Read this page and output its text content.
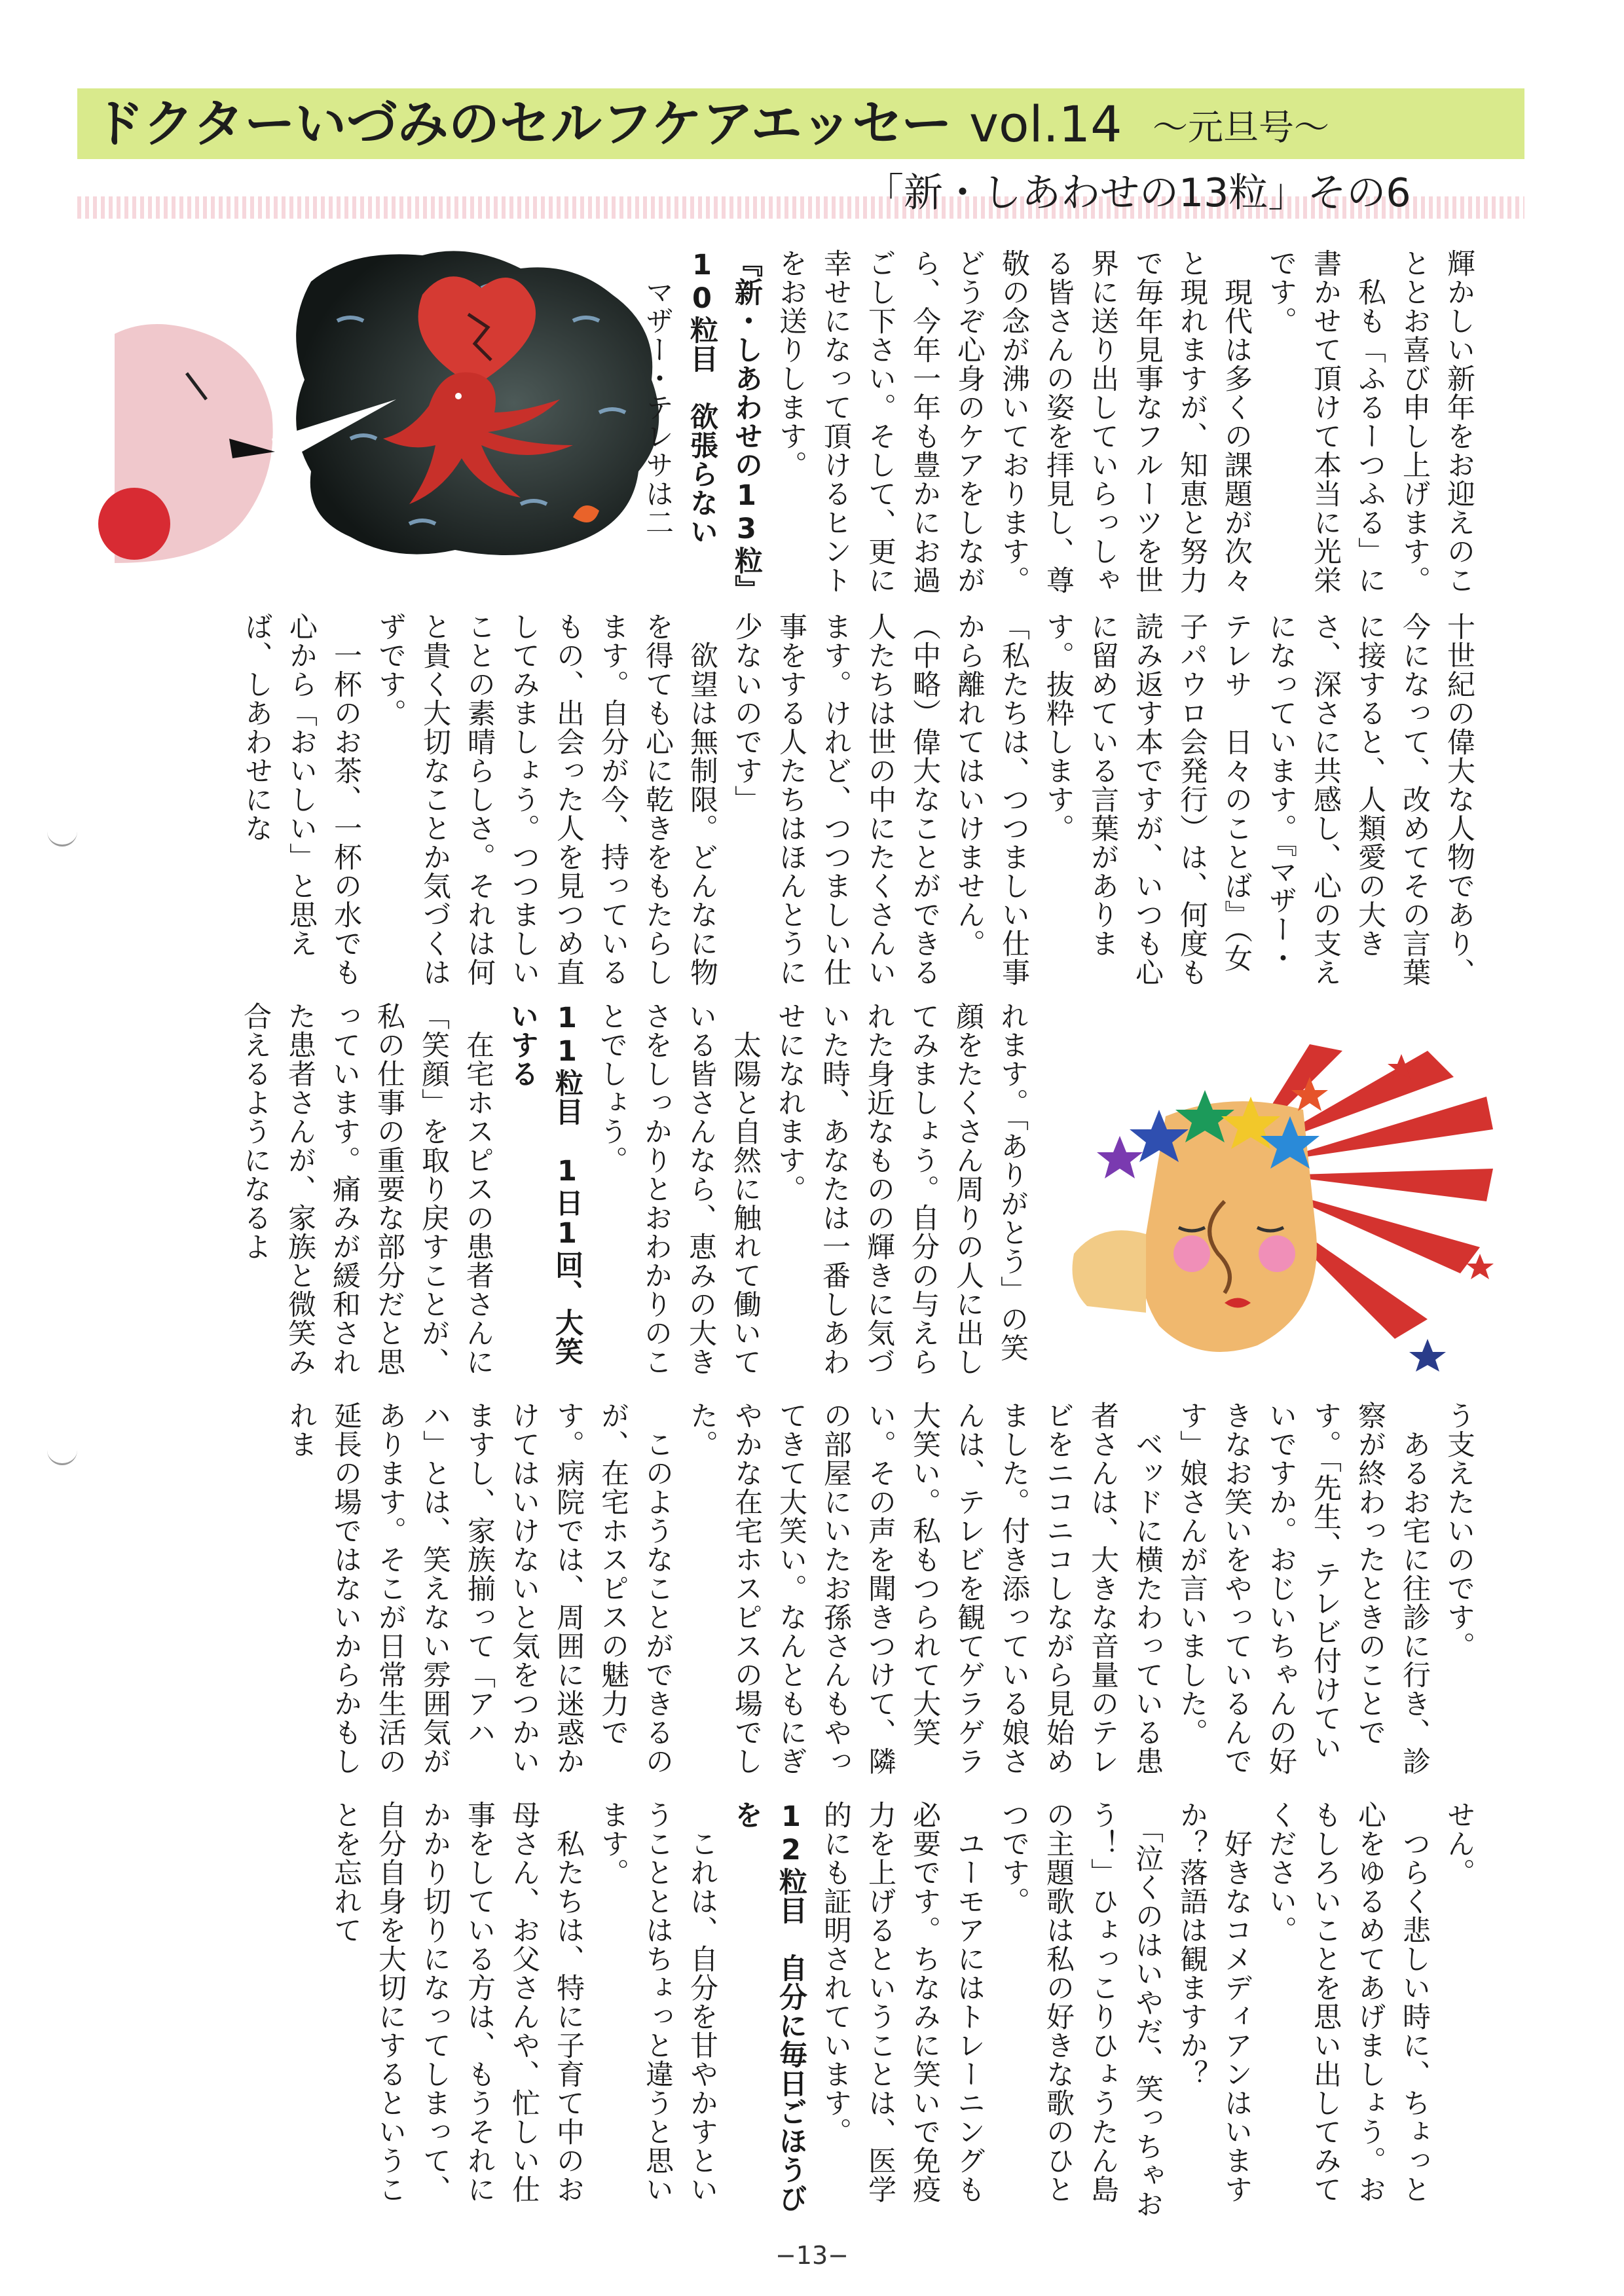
ドクターいづみのセルフケアエッセー vol.14 〜元旦号〜
「新・しあわせの13粒」その6

輝かしい新年をお迎えのこととお喜び申し上げます。
　私も「ふるーつふる」に書かせて頂けて本当に光栄です。
　現代は多くの課題が次々と現れますが、知恵と努力で毎年見事なフルーツを世界に送り出していらっしゃる皆さんの姿を拝見し、尊敬の念が沸いております。どうぞ心身のケアをしながら、今年一年も豊かにお過ごし下さい。そして、更に幸せになって頂けるヒントをお送りします。

『新・しあわせの13粒』
10粒目　欲張らない

　マザー・テレサは二

十世紀の偉大な人物であり、今になって、改めてその言葉に接すると、人類愛の大きさ、深さに共感し、心の支えになっています。『マザー・テレサ　日々のことば』（女子パウロ会発行）は、何度も読み返す本ですが、いつも心に留めている言葉があります。抜粋します。
「私たちは、つつましい仕事から離れてはいけません。（中略）偉大なことができる人たちは世の中にたくさんいます。けれど、つつましい仕事をする人たちはほんとうに少ないのです」
　欲望は無制限。どんなに物を得ても心に乾きをもたらします。自分が今、持っているもの、出会った人を見つめ直してみましょう。つつましいことの素晴らしさ。それは何と貴く大切なことか気づくはずです。
　一杯のお茶、一杯の水でも心から「おいしい」と思えば、しあわせにな

れます。「ありがとう」の笑顔をたくさん周りの人に出してみましょう。自分の与えられた身近なものの輝きに気づいた時、あなたは一番しあわせになれます。
　太陽と自然に触れて働いている皆さんなら、恵みの大きさをしっかりとおわかりのことでしょう。

11粒目　1日1回、大笑いする

　在宅ホスピスの患者さんに「笑顔」を取り戻すことが、私の仕事の重要な部分だと思っています。痛みが緩和された患者さんが、家族と微笑み合えるようになるよ

う支えたいのです。
　あるお宅に往診に行き、診察が終わったときのことです。「先生、テレビ付けていいですか。おじいちゃんの好きなお笑いをやっているんです」娘さんが言いました。
　ベッドに横たわっている患者さんは、大きな音量のテレビをニコニコしながら見始めました。付き添っている娘さんは、テレビを観てゲラゲラ大笑い。私もつられて大笑い。その声を聞きつけて、隣の部屋にいたお孫さんもやってきて大笑い。なんともにぎやかな在宅ホスピスの場でした。
　このようなことができるのが、在宅ホスピスの魅力です。病院では、周囲に迷惑かけてはいけないと気をつかいますし、家族揃って「アハハ」とは、笑えない雰囲気があります。そこが日常生活の延長の場ではないからかもしれま

せん。
　つらく悲しい時に、ちょっと心をゆるめてあげましょう。おもしろいことを思い出してみてください。
　好きなコメディアンはいますか？落語は観ますか？
　「泣くのはいやだ、笑っちゃおう！」ひょっこりひょうたん島の主題歌は私の好きな歌のひとつです。
　ユーモアにはトレーニングも必要です。ちなみに笑いで免疫力を上げるということは、医学的にも証明されています。

12粒目　自分に毎日ごほうびを

　これは、自分を甘やかすということとはちょっと違うと思います。
　私たちは、特に子育て中のお母さん、お父さんや、忙しい仕事をしている方は、もうそれにかかり切りになってしまって、自分自身を大切にするということを忘れて

−13−
